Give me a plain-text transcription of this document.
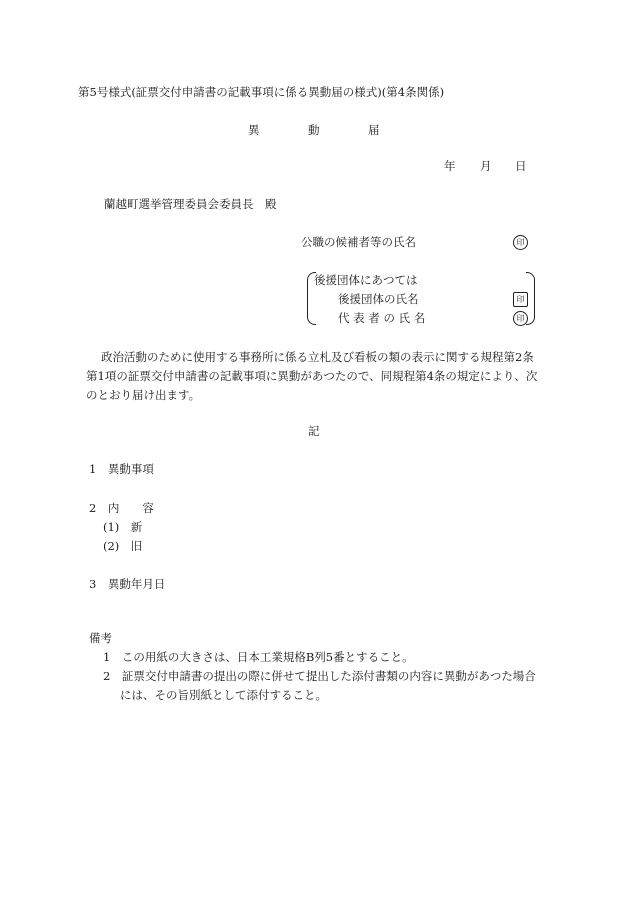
第5号様式(証票交付申請書の記載事項に係る異動届の様式)(第4条関係)
異	動	届
年 月 日
蘭越町選挙管理委員会委員長　殿
公職の候補者等の氏名	印
後援団体にあつては
後援団体の氏名	印
代 表 者 の 氏 名	印
政治活動のために使用する事務所に係る立札及び看板の類の表示に関する規程第2条
第1項の証票交付申請書の記載事項に異動があつたので、同規程第4条の規定により、次
のとおり届け出ます。
記
1　異動事項
2　内　　容
(1)　新
(2)　旧
3　異動年月日
備考
1　この用紙の大きさは、日本工業規格B列5番とすること。
2　証票交付申請書の提出の際に併せて提出した添付書類の内容に異動があつた場合
には、その旨別紙として添付すること。
